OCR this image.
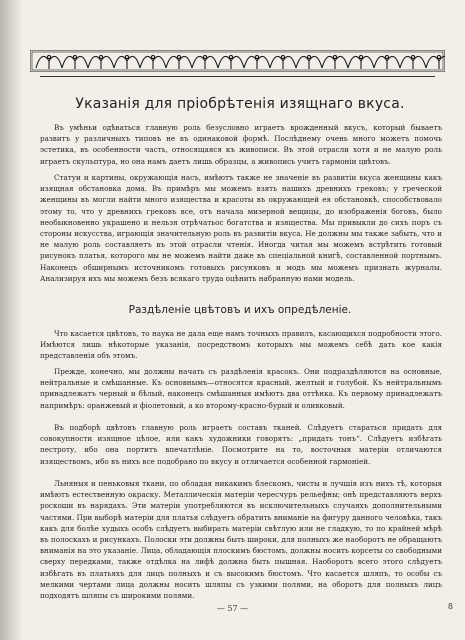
Указанія для пріобрѣтенія изящнаго вкуса.

Въ умѣньи одѣваться главную роль безусловно играетъ врожденный вкусъ, который бываетъ развитъ у различныхъ типовъ не въ одинаковой формѣ. Послѣднему очень много можетъ помочь эстетика, въ особенности часть, относящаяся къ живописи. Въ этой отрасли хотя и не малую роль играетъ скульптура, но она намъ даетъ лишь образцы, а живопись учитъ гармоніи цвѣтовъ.

Статуи и картины, окружающія насъ, имѣютъ также не значеніе въ развитіи вкуса женщины какъ изящная обстановка дома. Въ примѣръ мы можемъ взять нашихъ древнихъ грековъ; у греческой женщины въ могли найти много изящества и красоты въ окружающей ея обстановкѣ, способствовало этому то, что у древнихъ грековъ все, отъ начала мизерной вещицы, до изображенія боговъ, было необыкновенно украшено и нельзя отрѣчатьос богатства и изящества. Мы привыкли до сихъ поръ съ стороны искусства, играющія значительную роль въ развитіи вкуса. Не должны мы также забыть, что и не малую роль составляетъ въ этой отрасли чтенія. Иногда читая мы можемъ встрѣтить готовый рисунокъ платья, которого мы не можемъ найти даже въ спеціальной книгѣ, составленной портнымъ. Наконецъ обширнымъ источникомъ готовыхъ рисунковъ и модъ мы можемъ признать журналы. Анализируя ихъ мы можемъ безъ всякаго труда оцѣнить набранную нами модель.

Раздѣленіе цвѣтовъ и ихъ опредѣленіе.

Что касается цвѣтовъ, то наука не дала еще намъ точныхъ правилъ, касающихся подробности этого. Имѣются лишь нѣкоторые указанія, посредствомъ которыхъ мы можемъ себѣ дать кое какія представленія объ этомъ.

Прежде, конечно, мы должны начать съ раздѣленія красокъ. Они подраздѣляются на основные, нейтральные и смѣшанные. Къ основнымъ—относятся красный, желтый и голубой. Къ нейтральнымъ принадлежатъ черный и бѣлый, наконецъ смѣшанныя имѣютъ два оттѣнка. Къ первому принадлежатъ напримѣръ: оранжевый и фіолетовый, а ко второму-красно-бурый и оливковый.

Въ подборѣ цвѣтовъ главную роль играетъ составъ тканей. Слѣдуетъ стараться придать для совокупности изящное цѣлое, или какъ художники говорятъ: „придать тонъ“. Слѣдуетъ избѣгать пестроту, ибо она портитъ впечатлѣніе. Посмотрите на то, восточныя матеріи отличаются изяществомъ, ибо въ нихъ все подобрано по вкусу и отличается особенной гармоніей.

Льняныя и пеньковыя ткани, по обладая никакимъ блескомъ, чисты и лучшія изъ нихъ тѣ, которыя имѣютъ естественную окраску. Металлическія матеріи чересчуръ рельефны; онѣ представляютъ верхъ роскоши въ нарядахъ. Эти матеріи употребляются въ исключительныхъ случаяхъ дополнительными частями. При выборѣ матеріи для платья слѣдуетъ обратить вниманіе на фигуру данного человѣка, такъ какъ для болѣе худыхъ особъ слѣдуетъ выбирать матеріи свѣтлую или не гладкую, то по крайней мѣрѣ въ полоскахъ и рисункахъ. Полоски эти должны быть широки, для полныхъ же наоборотъ не обращаютъ вниманія на это указаніе. Лица, обладающія плоскимъ бюстомъ, должны носить корсеты со свободными сверху передками, также отдѣлка на лифѣ должна быть пышная. Наоборотъ всего этого слѣдуетъ избѣгать въ платьяхъ для лицъ полныхъ и съ высокимъ бюстомъ. Что касается шляпъ, то особы съ мелкими чертами лица должны носить шляпы съ узкими полями, на оборотъ для полныхъ лицъ подходятъ шляпы съ широкими полями.

— 57 —	8
